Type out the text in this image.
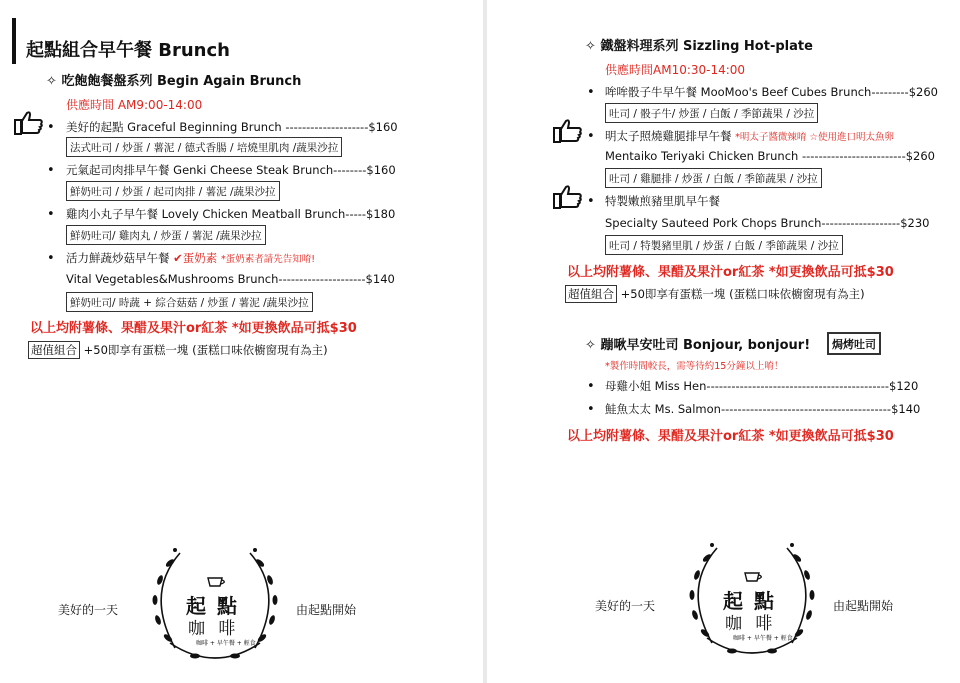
起點組合早午餐 Brunch
✧ 吃飽飽餐盤系列 Begin Again Brunch
供應時間 AM9:00-14:00
• 美好的起點 Graceful Beginning Brunch --------------------$160
法式吐司 / 炒蛋 / 薯泥 / 德式香腸 / 培燒里肌肉 /蔬果沙拉
• 元氣起司肉排早午餐 Genki Cheese Steak Brunch--------$160
鮮奶吐司 / 炒蛋 / 起司肉排 / 薯泥 /蔬果沙拉
• 雞肉小丸子早午餐 Lovely Chicken Meatball Brunch-----$180
鮮奶吐司/ 雞肉丸 / 炒蛋 / 薯泥 /蔬果沙拉
• 活力鮮蔬炒菇早午餐 ✔蛋奶素 *蛋奶素者請先告知唷!
Vital Vegetables&Mushrooms Brunch---------------------$140
鮮奶吐司/ 時蔬 + 綜合菇菇 / 炒蛋 / 薯泥 /蔬果沙拉
以上均附薯條、果醋及果汁or紅茶 *如更換飲品可抵$30
超值組合 +50即享有蛋糕一塊 (蛋糕口味依櫥窗現有為主)
美好的一天	由起點開始
起 點
咖 啡
咖啡 + 早午餐 + 輕食
✧ 鐵盤料理系列 Sizzling Hot-plate
供應時間AM10:30-14:00
• 哞哞骰子牛早午餐 MooMoo's Beef Cubes Brunch---------$260
吐司 / 骰子牛/ 炒蛋 / 白飯 / 季節蔬果 / 沙拉
• 明太子照燒雞腿排早午餐 *明太子醬微辣唷 ☆使用進口明太魚卵
Mentaiko Teriyaki Chicken Brunch -------------------------$260
吐司 / 雞腿排 / 炒蛋 / 白飯 / 季節蔬果 / 沙拉
• 特製嫩煎豬里肌早午餐
Specialty Sauteed Pork Chops Brunch-------------------$230
吐司 / 特製豬里肌 / 炒蛋 / 白飯 / 季節蔬果 / 沙拉
以上均附薯條、果醋及果汁or紅茶 *如更換飲品可抵$30
超值組合 +50即享有蛋糕一塊 (蛋糕口味依櫥窗現有為主)
✧ 蹦啾早安吐司 Bonjour, bonjour!	焗烤吐司
*製作時間較長，需等待約15分鐘以上唷！
• 母雞小姐 Miss Hen--------------------------------------------$120
• 鮭魚太太 Ms. Salmon-----------------------------------------$140
以上均附薯條、果醋及果汁or紅茶 *如更換飲品可抵$30
美好的一天	由起點開始
起 點
咖 啡
咖啡 + 早午餐 + 輕食
